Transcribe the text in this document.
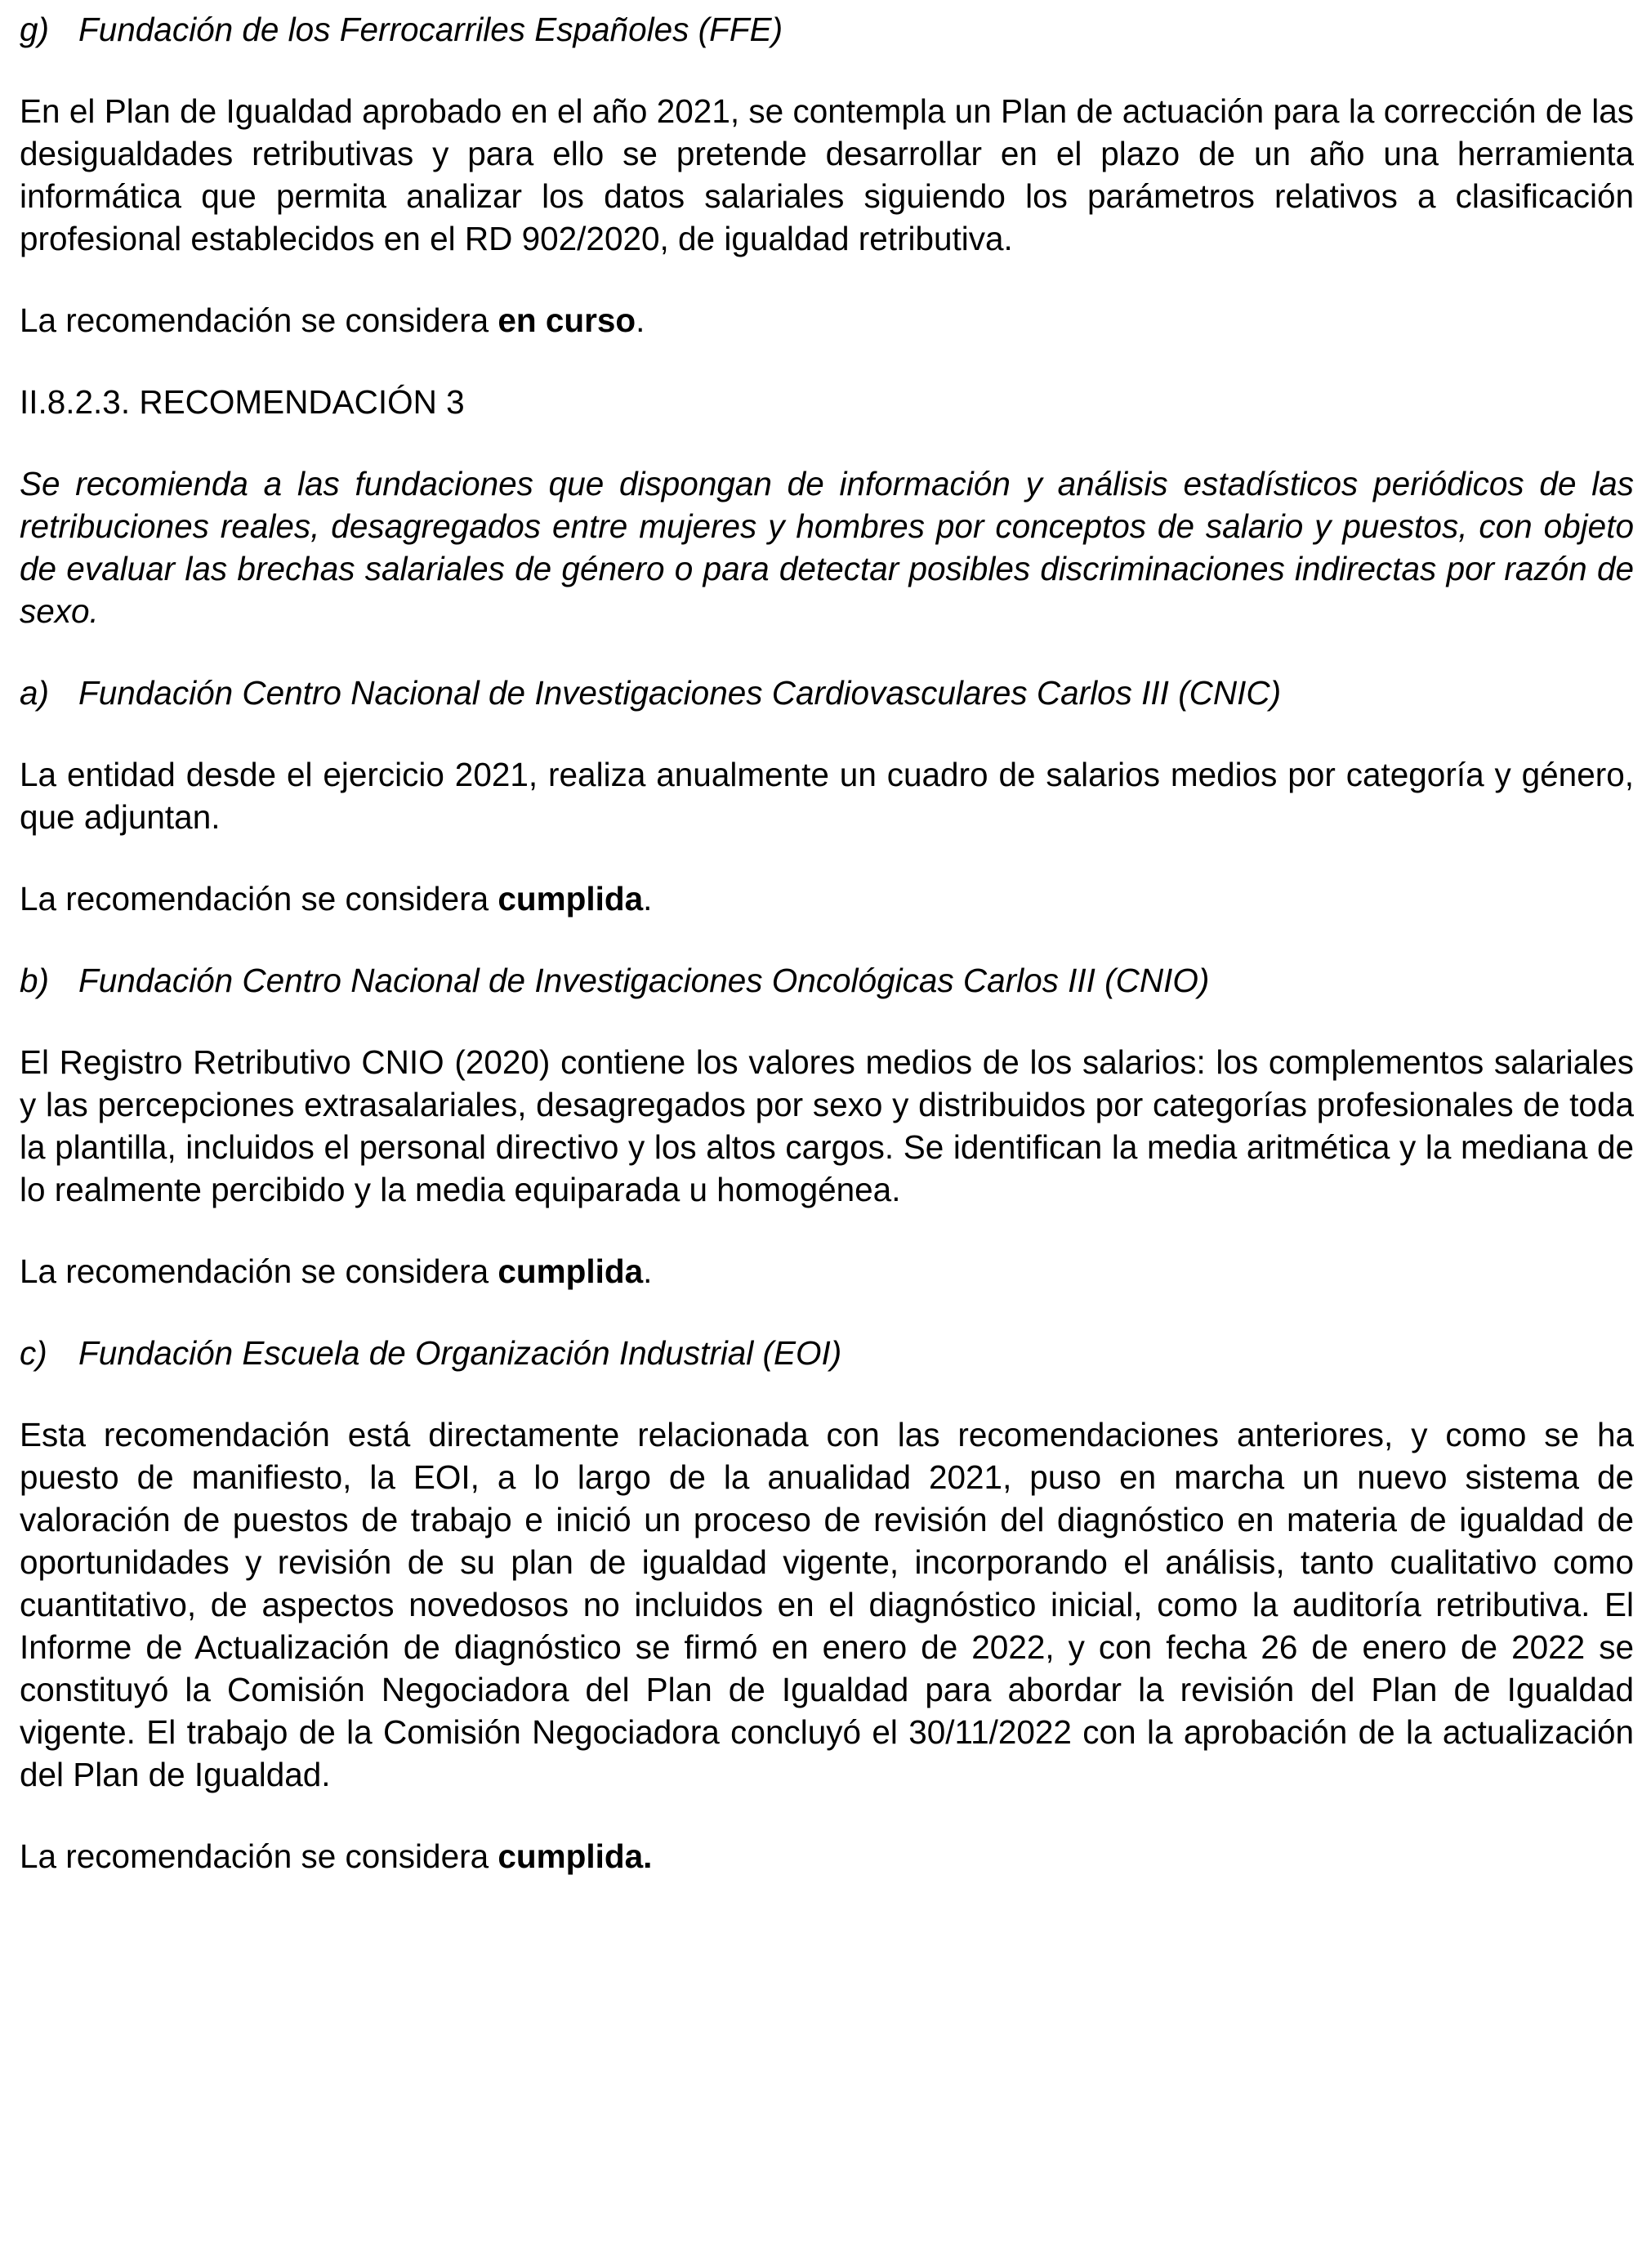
g) Fundación de los Ferrocarriles Españoles (FFE)

En el Plan de Igualdad aprobado en el año 2021, se contempla un Plan de actuación para la corrección de las desigualdades retributivas y para ello se pretende desarrollar en el plazo de un año una herramienta informática que permita analizar los datos salariales siguiendo los parámetros relativos a clasificación profesional establecidos en el RD 902/2020, de igualdad retributiva.

La recomendación se considera en curso.

II.8.2.3. RECOMENDACIÓN 3

Se recomienda a las fundaciones que dispongan de información y análisis estadísticos periódicos de las retribuciones reales, desagregados entre mujeres y hombres por conceptos de salario y puestos, con objeto de evaluar las brechas salariales de género o para detectar posibles discriminaciones indirectas por razón de sexo.

a) Fundación Centro Nacional de Investigaciones Cardiovasculares Carlos III (CNIC)

La entidad desde el ejercicio 2021, realiza anualmente un cuadro de salarios medios por categoría y género, que adjuntan.

La recomendación se considera cumplida.

b) Fundación Centro Nacional de Investigaciones Oncológicas Carlos III (CNIO)

El Registro Retributivo CNIO (2020) contiene los valores medios de los salarios: los complementos salariales y las percepciones extrasalariales, desagregados por sexo y distribuidos por categorías profesionales de toda la plantilla, incluidos el personal directivo y los altos cargos. Se identifican la media aritmética y la mediana de lo realmente percibido y la media equiparada u homogénea.

La recomendación se considera cumplida.

c) Fundación Escuela de Organización Industrial (EOI)

Esta recomendación está directamente relacionada con las recomendaciones anteriores, y como se ha puesto de manifiesto, la EOI, a lo largo de la anualidad 2021, puso en marcha un nuevo sistema de valoración de puestos de trabajo e inició un proceso de revisión del diagnóstico en materia de igualdad de oportunidades y revisión de su plan de igualdad vigente, incorporando el análisis, tanto cualitativo como cuantitativo, de aspectos novedosos no incluidos en el diagnóstico inicial, como la auditoría retributiva. El Informe de Actualización de diagnóstico se firmó en enero de 2022, y con fecha 26 de enero de 2022 se constituyó la Comisión Negociadora del Plan de Igualdad para abordar la revisión del Plan de Igualdad vigente. El trabajo de la Comisión Negociadora concluyó el 30/11/2022 con la aprobación de la actualización del Plan de Igualdad.

La recomendación se considera cumplida.
